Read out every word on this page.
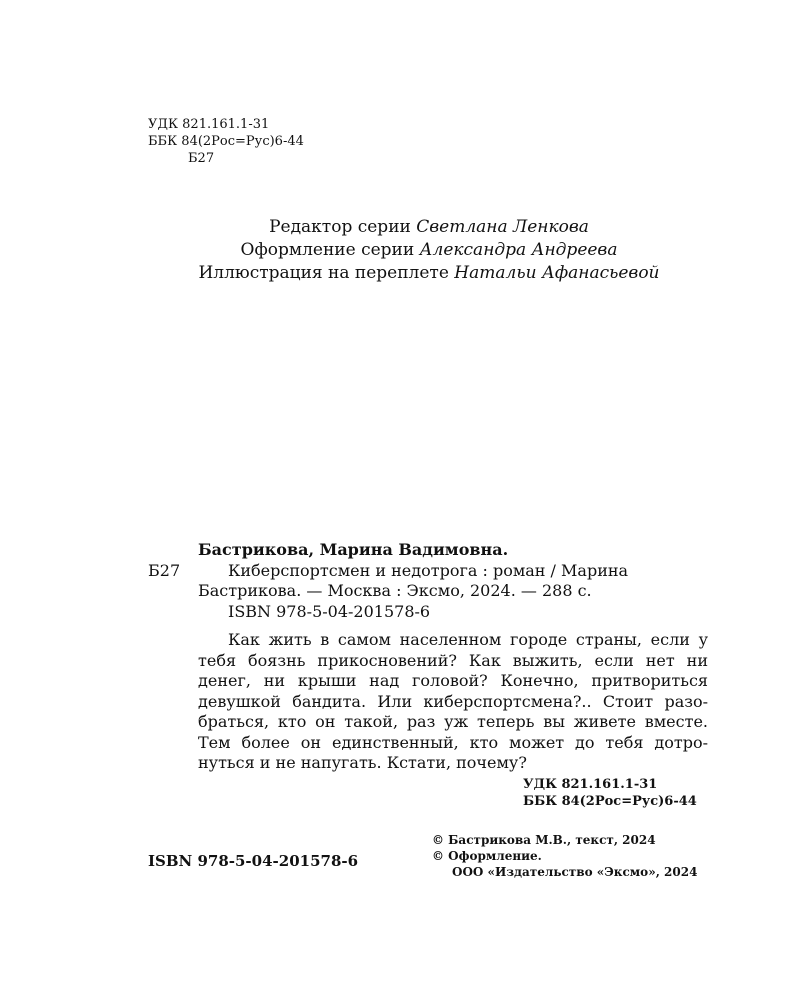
УДК 821.161.1-31
ББК 84(2Рос=Рус)6-44
Б27
Редактор серии Светлана Ленкова
Оформление серии Александра Андреева
Иллюстрация на переплете Натальи Афанасьевой
Бастрикова, Марина Вадимовна.
Б27	Киберспортсмен и недотрога : роман / Марина
Бастрикова. — Москва : Эксмо, 2024. — 288 с.
ISBN 978-5-04-201578-6
Как жить в самом населенном городе страны, если у
тебя боязнь прикосновений? Как выжить, если нет ни
денег, ни крыши над головой? Конечно, притвориться
девушкой бандита. Или киберспортсмена?.. Стоит разо-
браться, кто он такой, раз уж теперь вы живете вместе.
Тем более он единственный, кто может до тебя дотро-
нуться и не напугать. Кстати, почему?
УДК 821.161.1-31
ББК 84(2Рос=Рус)6-44
ISBN 978-5-04-201578-6
© Бастрикова М.В., текст, 2024
© Оформление.
ООО «Издательство «Эксмо», 2024
